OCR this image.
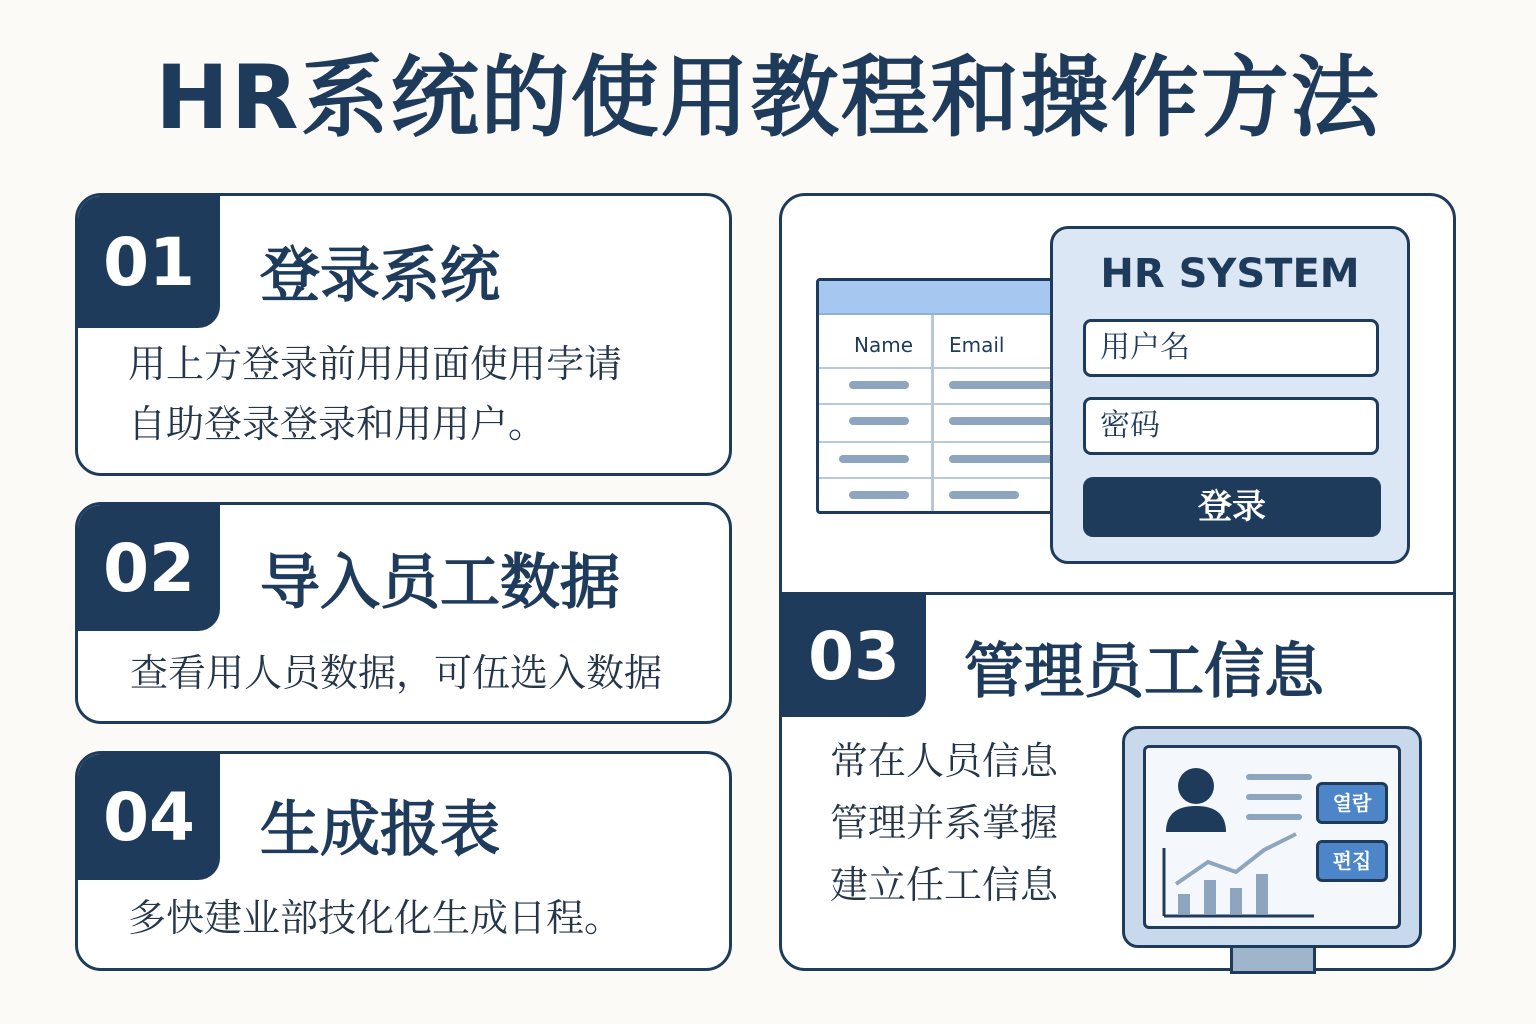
HR系统的使用教程和操作方法
01	登录系统
用上方登录前用用面使用孛请
自助登录登录和用用户。
02	导入员工数据
查看用人员数据，可伍选入数据
04	生成报表
多快建业部技化化生成日程。
Name Email
HR SYSTEM
用户名
密码
登录
03	管理员工信息
常在人员信息
管理并系掌握
建立任工信息
열람
편집
